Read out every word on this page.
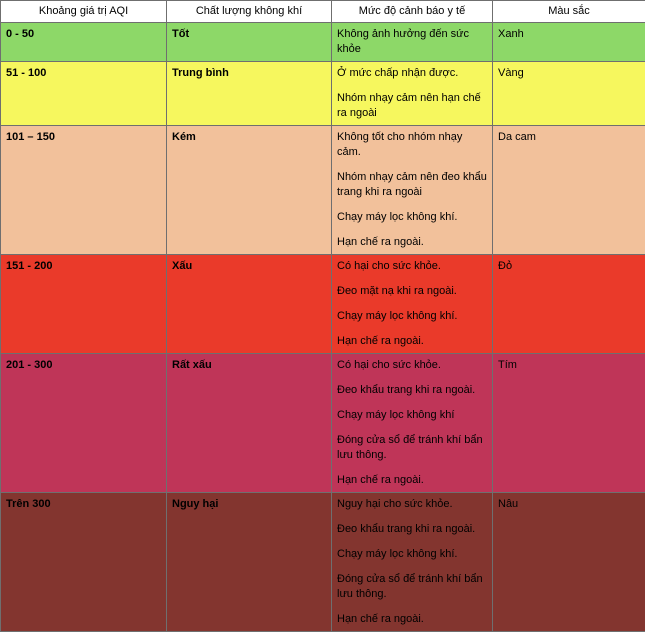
Khoảng giá trị AQI	Chất lượng không khí	Mức độ cảnh báo y tế	Màu sắc
0 - 50	Tốt	Không ảnh hưởng đến sức khỏe	Xanh
51 - 100	Trung bình	Ở mức chấp nhận được.

Nhóm nhạy cảm nên hạn chế ra ngoài	Vàng
101 – 150	Kém	Không tốt cho nhóm nhạy cảm.

Nhóm nhạy cảm nên đeo khẩu trang khi ra ngoài

Chạy máy lọc không khí.

Hạn chế ra ngoài.	Da cam
151 - 200	Xấu	Có hại cho sức khỏe.

Đeo mặt nạ khi ra ngoài.

Chạy máy lọc không khí.

Hạn chế ra ngoài.	Đỏ
201 - 300	Rất xấu	Có hại cho sức khỏe.

Đeo khẩu trang khi ra ngoài.

Chạy máy lọc không khí

Đóng cửa sổ để tránh khí bẩn lưu thông.

Hạn chế ra ngoài.	Tím
Trên 300	Nguy hại	Nguy hại cho sức khỏe.

Đeo khẩu trang khi ra ngoài.

Chạy máy lọc không khí.

Đóng cửa sổ để tránh khí bẩn lưu thông.

Hạn chế ra ngoài.	Nâu
